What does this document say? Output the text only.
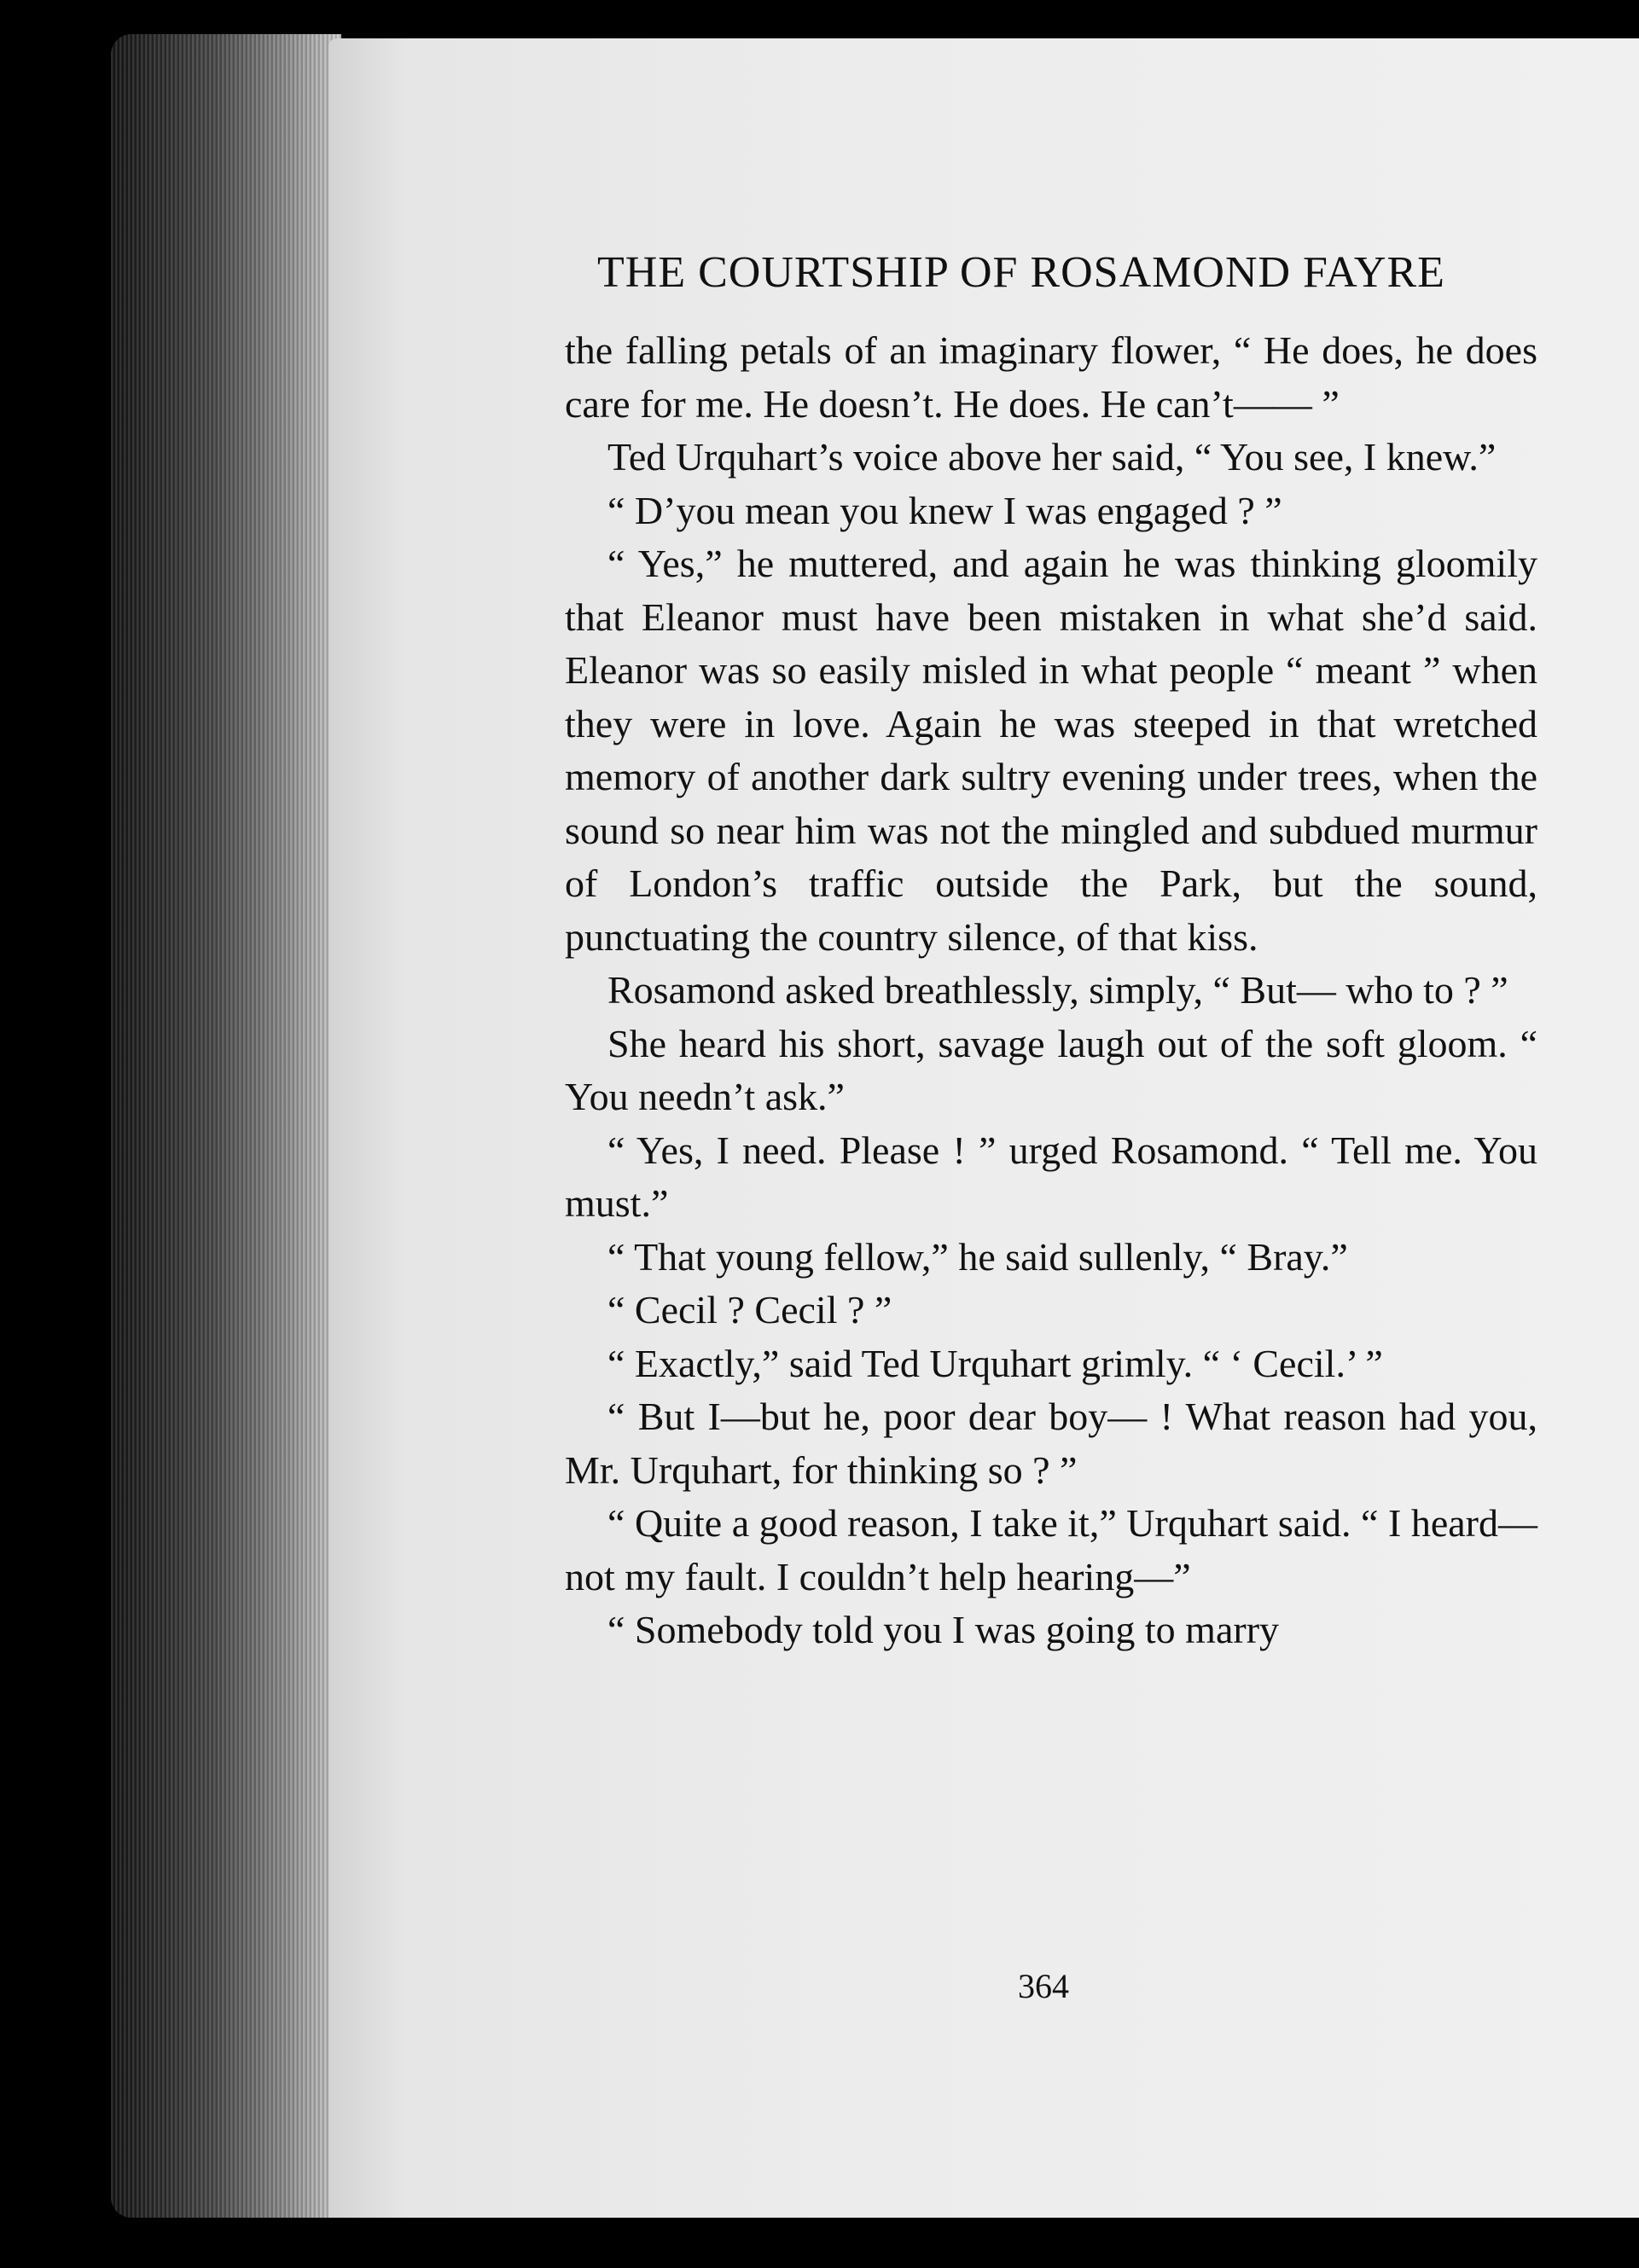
THE COURTSHIP OF ROSAMOND FAYRE

the falling petals of an imaginary flower, “ He does, he does care for me. He doesn’t. He does. He can’t—— ”

Ted Urquhart’s voice above her said, “ You see, I knew.”

“ D’you mean you knew I was engaged ? ”

“ Yes,” he muttered, and again he was thinking gloomily that Eleanor must have been mistaken in what she’d said. Eleanor was so easily misled in what people “ meant ” when they were in love. Again he was steeped in that wretched memory of another dark sultry evening under trees, when the sound so near him was not the mingled and subdued murmur of London’s traffic outside the Park, but the sound, punctuating the country silence, of that kiss.

Rosamond asked breathlessly, simply, “ But— who to ? ”

She heard his short, savage laugh out of the soft gloom. “ You needn’t ask.”

“ Yes, I need. Please ! ” urged Rosamond. “ Tell me. You must.”

“ That young fellow,” he said sullenly, “ Bray.”

“ Cecil ? Cecil ? ”

“ Exactly,” said Ted Urquhart grimly. “ ‘ Cecil.’ ”

“ But I—but he, poor dear boy— ! What reason had you, Mr. Urquhart, for thinking so ? ”

“ Quite a good reason, I take it,” Urquhart said. “ I heard—not my fault. I couldn’t help hearing—”

“ Somebody told you I was going to marry

364
